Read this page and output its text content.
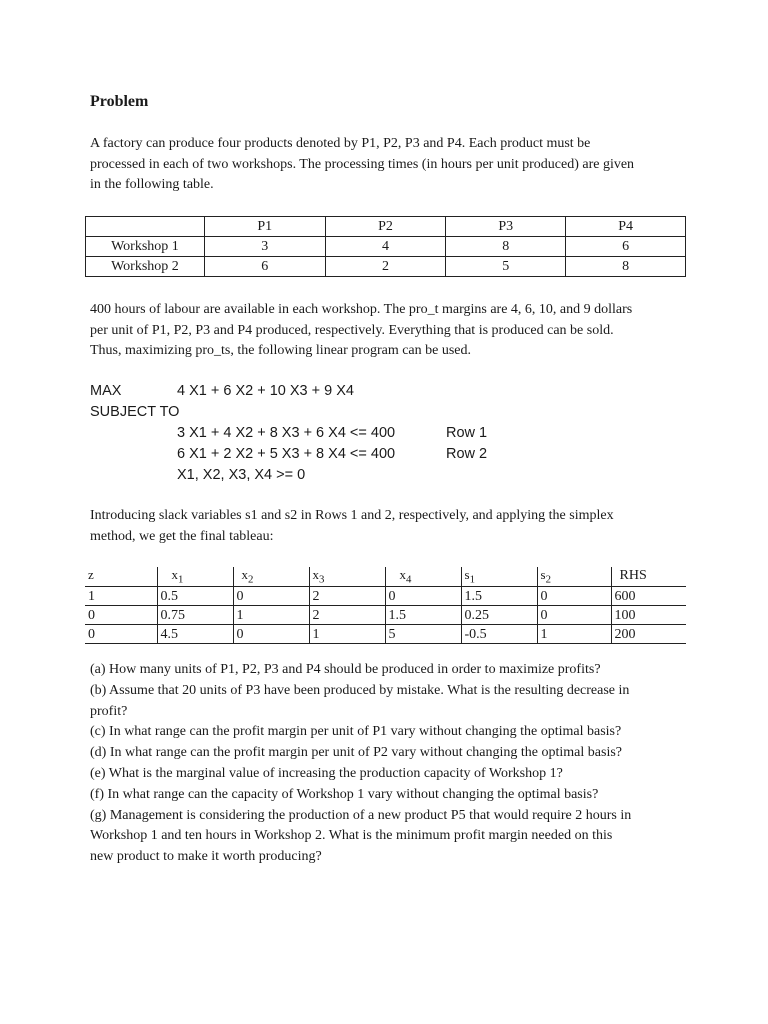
Problem
A factory can produce four products denoted by P1, P2, P3 and P4. Each product must be
processed in each of two workshops. The processing times (in hours per unit produced) are given
in the following table.
	P1	P2	P3	P4
Workshop 1	3	4	8	6
Workshop 2	6	2	5	8
400 hours of labour are available in each workshop. The pro_t margins are 4, 6, 10, and 9 dollars
per unit of P1, P2, P3 and P4 produced, respectively. Everything that is produced can be sold.
Thus, maximizing pro_ts, the following linear program can be used.
MAX	4 X1 + 6 X2 + 10 X3 + 9 X4
SUBJECT TO
3 X1 + 4 X2 + 8 X3 + 6 X4 <= 400	Row 1
6 X1 + 2 X2 + 5 X3 + 8 X4 <= 400	Row 2
X1, X2, X3, X4 >= 0
Introducing slack variables s1 and s2 in Rows 1 and 2, respectively, and applying the simplex
method, we get the final tableau:
z	$x_1$	$x_2$	$x_3$	$x_4$	$s_1$	$s_2$	RHS
1	0.5	0	2	0	1.5	0	600
0	0.75	1	2	1.5	0.25	0	100
0	4.5	0	1	5	-0.5	1	200
(a) How many units of P1, P2, P3 and P4 should be produced in order to maximize profits?
(b) Assume that 20 units of P3 have been produced by mistake. What is the resulting decrease in
profit?
(c) In what range can the profit margin per unit of P1 vary without changing the optimal basis?
(d) In what range can the profit margin per unit of P2 vary without changing the optimal basis?
(e) What is the marginal value of increasing the production capacity of Workshop 1?
(f) In what range can the capacity of Workshop 1 vary without changing the optimal basis?
(g) Management is considering the production of a new product P5 that would require 2 hours in
Workshop 1 and ten hours in Workshop 2. What is the minimum profit margin needed on this
new product to make it worth producing?
